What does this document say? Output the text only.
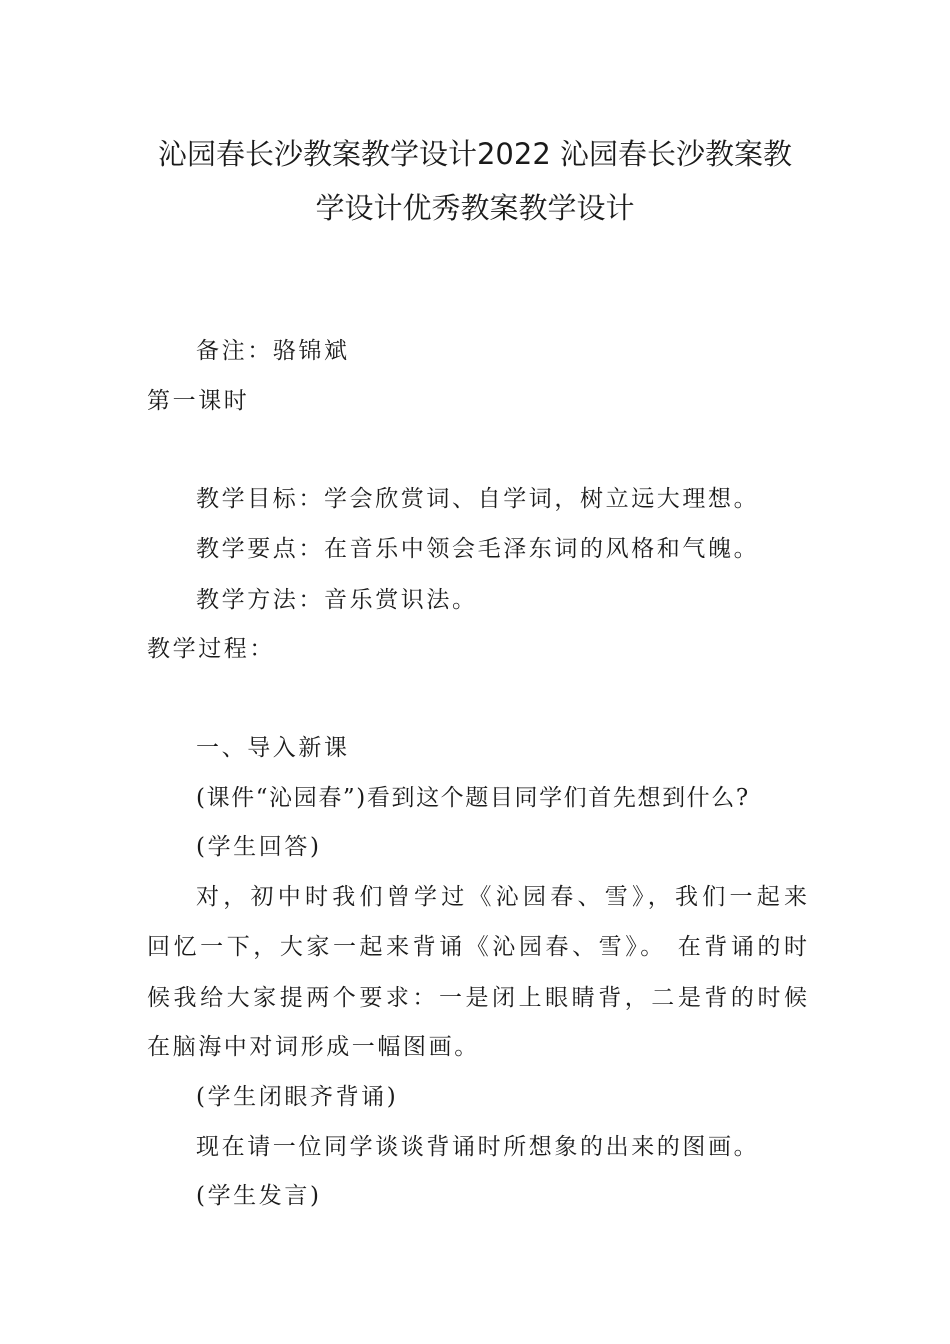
沁园春长沙教案教学设计2022 沁园春长沙教案教
学设计优秀教案教学设计
备注：骆锦斌
第一课时
教学目标：学会欣赏词、自学词，树立远大理想。
教学要点：在音乐中领会毛泽东词的风格和气魄。
教学方法：音乐赏识法。
教学过程：
一、导入新课
(课件“沁园春”)看到这个题目同学们首先想到什么?
(学生回答)
对，初中时我们曾学过《沁园春、雪》，我们一起来
回忆一下，大家一起来背诵《沁园春、雪》。 在背诵的时
候我给大家提两个要求：一是闭上眼睛背，二是背的时候
在脑海中对词形成一幅图画。
(学生闭眼齐背诵)
现在请一位同学谈谈背诵时所想象的出来的图画。
(学生发言)
